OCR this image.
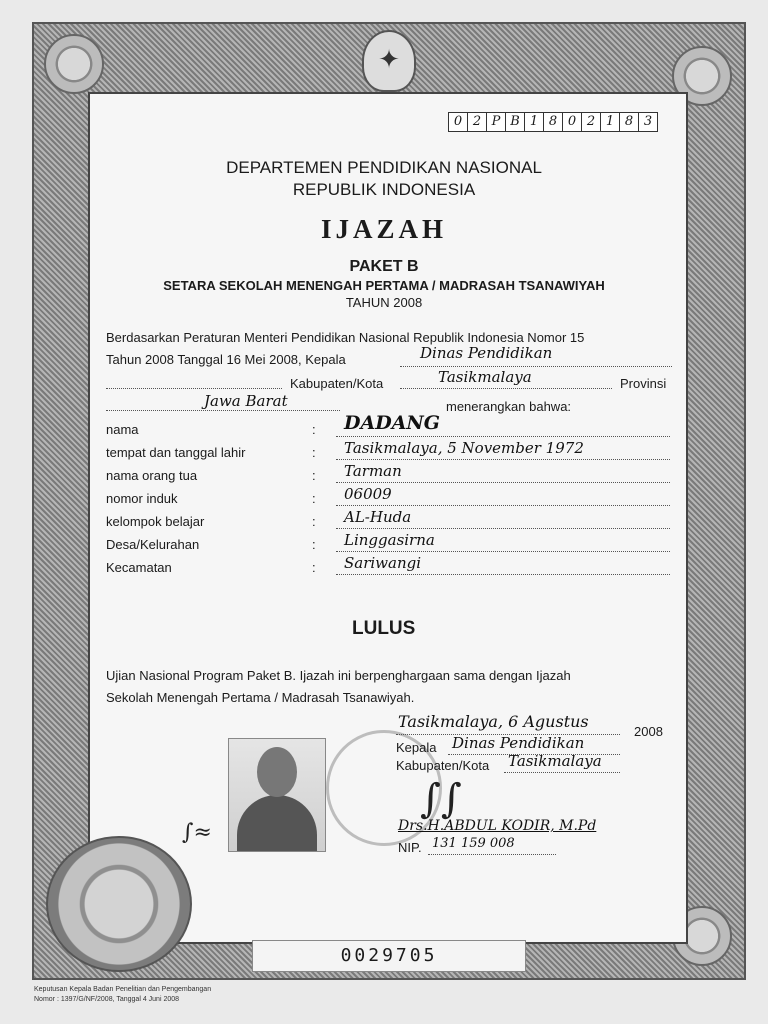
✦
0 2 P B 1 8 0 2 1 8 3
DEPARTEMEN PENDIDIKAN NASIONAL
REPUBLIK INDONESIA
IJAZAH
PAKET B
SETARA SEKOLAH MENENGAH PERTAMA / MADRASAH TSANAWIYAH
TAHUN 2008
Berdasarkan Peraturan Menteri Pendidikan Nasional Republik Indonesia Nomor 15
Tahun 2008 Tanggal 16 Mei 2008, Kepala	Dinas Pendidikan
Kabupaten/Kota	Tasikmalaya	Provinsi
Jawa Barat	menerangkan bahwa:
nama	: DADANG
tempat dan tanggal lahir	: Tasikmalaya, 5 November 1972
nama orang tua	: Tarman
nomor induk	: 06009
kelompok belajar	: AL-Huda
Desa/Kelurahan	: Linggasirna
Kecamatan	: Sariwangi
LULUS
Ujian Nasional Program Paket B. Ijazah ini berpenghargaan sama dengan Ijazah
Sekolah Menengah Pertama / Madrasah Tsanawiyah.
∫≈
Tasikmalaya, 6 Agustus
2008
Kepala Dinas Pendidikan
Kabupaten/Kota Tasikmalaya
∫∫
Drs.H.ABDUL KODIR, M.Pd
NIP. 131 159 008
0029705
Keputusan Kepala Badan Penelitian dan Pengembangan
Nomor : 1397/G/NF/2008, Tanggal 4 Juni 2008
